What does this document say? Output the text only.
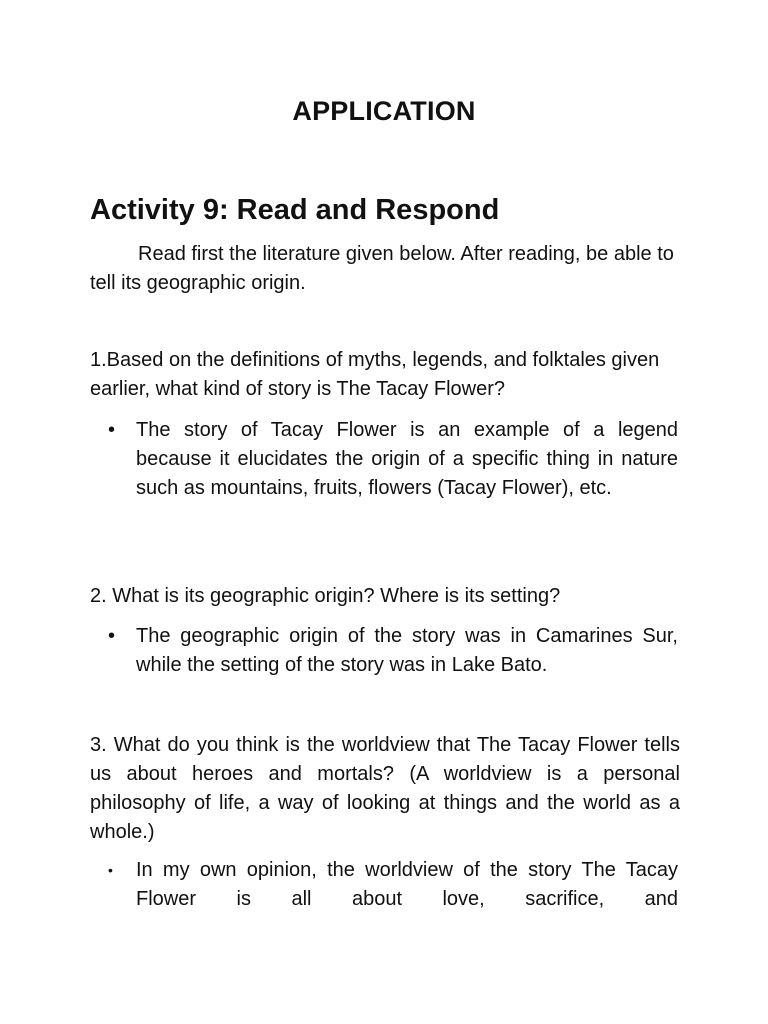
APPLICATION
Activity 9: Read and Respond
Read first the literature given below. After reading, be able to tell its geographic origin.
1.Based on the definitions of myths, legends, and folktales given earlier, what kind of story is The Tacay Flower?
•	The story of Tacay Flower is an example of a legend because it elucidates the origin of a specific thing in nature such as mountains, fruits, flowers (Tacay Flower), etc.
2. What is its geographic origin? Where is its setting?
•	The geographic origin of the story was in Camarines Sur, while the setting of the story was in Lake Bato.
3. What do you think is the worldview that The Tacay Flower tells us about heroes and mortals? (A worldview is a personal philosophy of life, a way of looking at things and the world as a whole.)
•	In my own opinion, the worldview of the story The Tacay Flower is all about love, sacrifice, and
